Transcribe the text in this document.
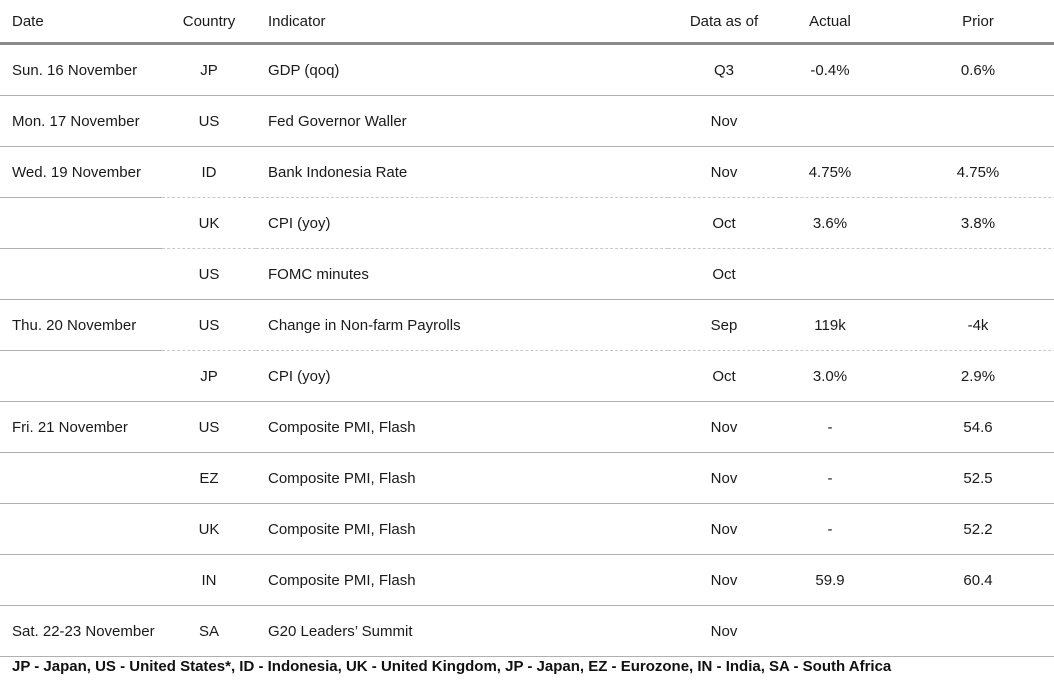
Date	Country	Indicator	Data as of	Actual	Prior
Sun. 16 November	JP	GDP (qoq)	Q3	-0.4%	0.6%
Mon. 17 November	US	Fed Governor Waller	Nov		
Wed. 19 November	ID	Bank Indonesia Rate	Nov	4.75%	4.75%
	UK	CPI (yoy)	Oct	3.6%	3.8%
	US	FOMC minutes	Oct		
Thu. 20 November	US	Change in Non-farm Payrolls	Sep	119k	-4k
	JP	CPI (yoy)	Oct	3.0%	2.9%
Fri. 21 November	US	Composite PMI, Flash	Nov	-	54.6
	EZ	Composite PMI, Flash	Nov	-	52.5
	UK	Composite PMI, Flash	Nov	-	52.2
	IN	Composite PMI, Flash	Nov	59.9	60.4
Sat. 22-23 November	SA	G20 Leaders’ Summit	Nov		
JP - Japan, US - United States*, ID - Indonesia, UK - United Kingdom, JP - Japan, EZ - Eurozone, IN - India, SA - South Africa
